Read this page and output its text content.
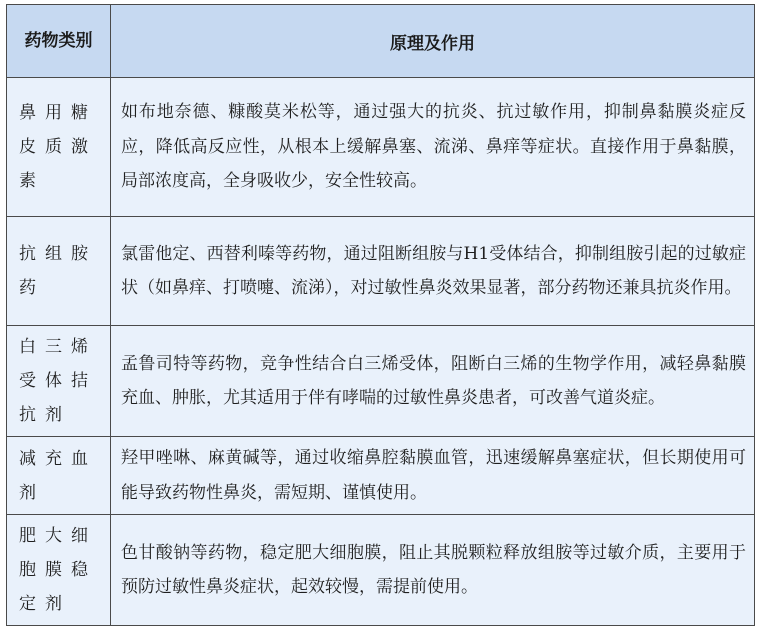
药物类别	原理及作用
鼻用糖皮质激素	如布地奈德、糠酸莫米松等，通过强大的抗炎、抗过敏作用，抑制鼻黏膜炎症反应，降低高反应性，从根本上缓解鼻塞、流涕、鼻痒等症状。直接作用于鼻黏膜，局部浓度高，全身吸收少，安全性较高。
抗组胺药	氯雷他定、西替利嗪等药物，通过阻断组胺与H1受体结合，抑制组胺引起的过敏症状（如鼻痒、打喷嚏、流涕），对过敏性鼻炎效果显著，部分药物还兼具抗炎作用。
白三烯受体拮抗剂	孟鲁司特等药物，竞争性结合白三烯受体，阻断白三烯的生物学作用，减轻鼻黏膜充血、肿胀，尤其适用于伴有哮喘的过敏性鼻炎患者，可改善气道炎症。
减充血剂	羟甲唑啉、麻黄碱等，通过收缩鼻腔黏膜血管，迅速缓解鼻塞症状，但长期使用可能导致药物性鼻炎，需短期、谨慎使用。
肥大细胞膜稳定剂	色甘酸钠等药物，稳定肥大细胞膜，阻止其脱颗粒释放组胺等过敏介质，主要用于预防过敏性鼻炎症状，起效较慢，需提前使用。
